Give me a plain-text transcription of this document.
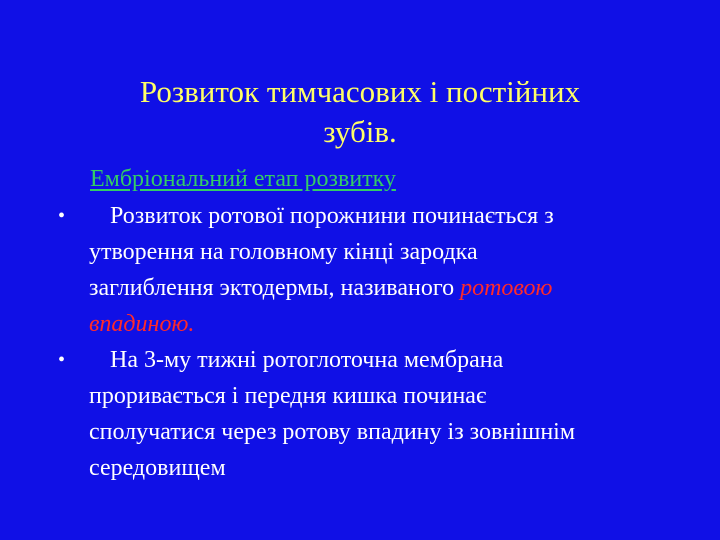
Розвиток тимчасових і постійних
зубів.
Ембріональний етап розвитку
•	Розвиток ротової порожнини починається з
утворення на головному кінці зародка
заглиблення эктодермы, називаного ротовою
впадиною.
•	На 3-му тижні ротоглоточна мембрана
проривається і передня кишка починає
сполучатися через ротову впадину із зовнішнім
середовищем
